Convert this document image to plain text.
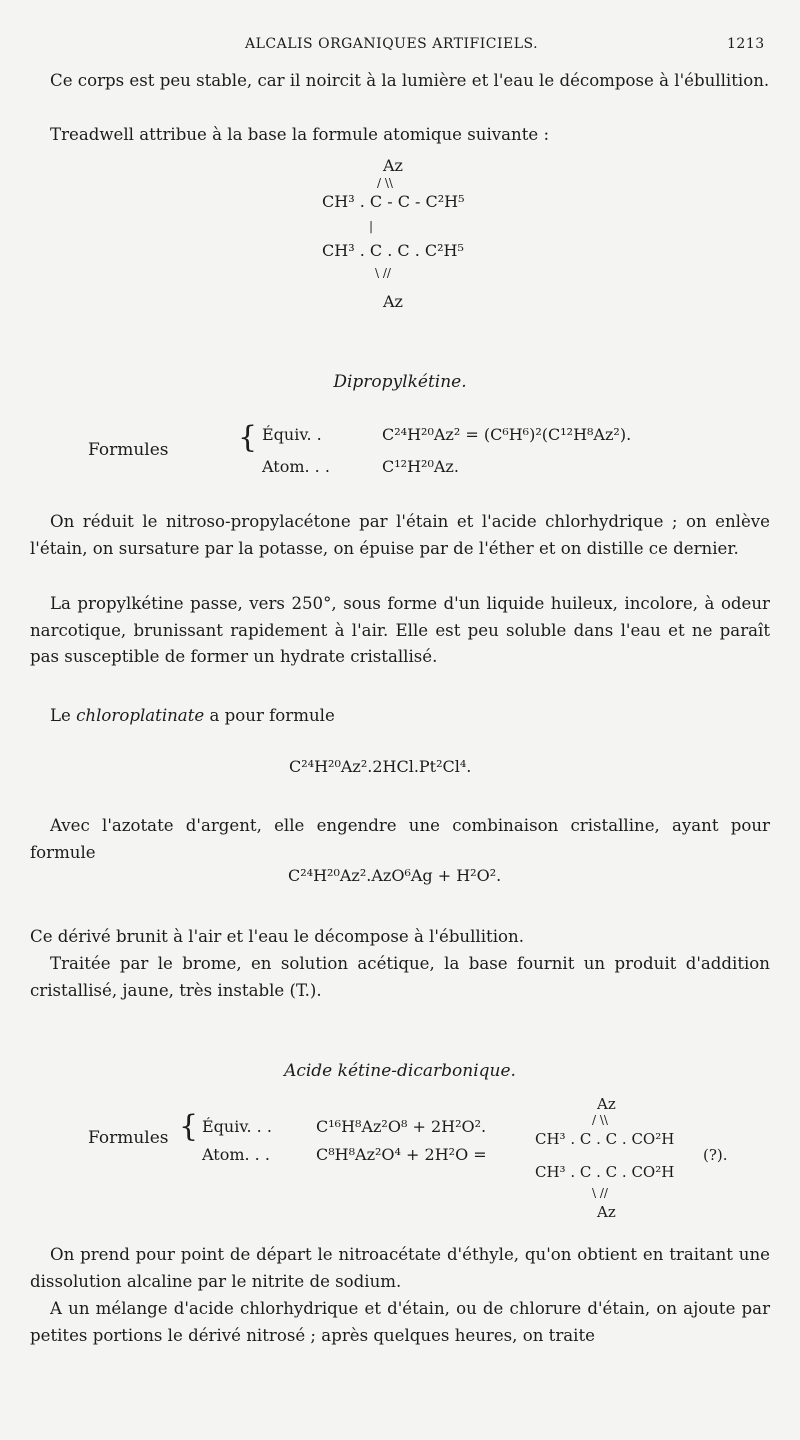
ALCALIS ORGANIQUES ARTIFICIELS.	1213
Ce corps est peu stable, car il noircit à la lumière et l'eau le décompose à l'ébullition.
Treadwell attribue à la base la formule atomique suivante :
Az
/ \\
CH³ . C - C - C²H⁵
|
CH³ . C . C . C²H⁵
\ //
Az
Dipropylkétine.
Formules { Équiv. .	C²⁴H²⁰Az² = (C⁶H⁶)²(C¹²H⁸Az²).
Atom. . .	C¹²H²⁰Az.
On réduit le nitroso-propylacétone par l'étain et l'acide chlorhydrique ; on enlève l'étain, on sursature par la potasse, on épuise par de l'éther et on distille ce dernier.
La propylkétine passe, vers 250°, sous forme d'un liquide huileux, incolore, à odeur narcotique, brunissant rapidement à l'air. Elle est peu soluble dans l'eau et ne paraît pas susceptible de former un hydrate cristallisé.
Le chloroplatinate a pour formule
C²⁴H²⁰Az².2HCl.Pt²Cl⁴.
Avec l'azotate d'argent, elle engendre une combinaison cristalline, ayant pour formule
C²⁴H²⁰Az².AzO⁶Ag + H²O².
Ce dérivé brunit à l'air et l'eau le décompose à l'ébullition.
Traitée par le brome, en solution acétique, la base fournit un produit d'addition cristallisé, jaune, très instable (T.).
Acide kétine-dicarbonique.
Formules { Équiv. . .	C¹⁶H⁸Az²O⁸ + 2H²O².
Atom. . .	C⁸H⁸Az²O⁴ + 2H²O =
Az
/ \\
CH³ . C . C . CO²H
CH³ . C . C . CO²H
(?).
\ //
Az
On prend pour point de départ le nitroacétate d'éthyle, qu'on obtient en traitant une dissolution alcaline par le nitrite de sodium.
A un mélange d'acide chlorhydrique et d'étain, ou de chlorure d'étain, on ajoute par petites portions le dérivé nitrosé ; après quelques heures, on traite
